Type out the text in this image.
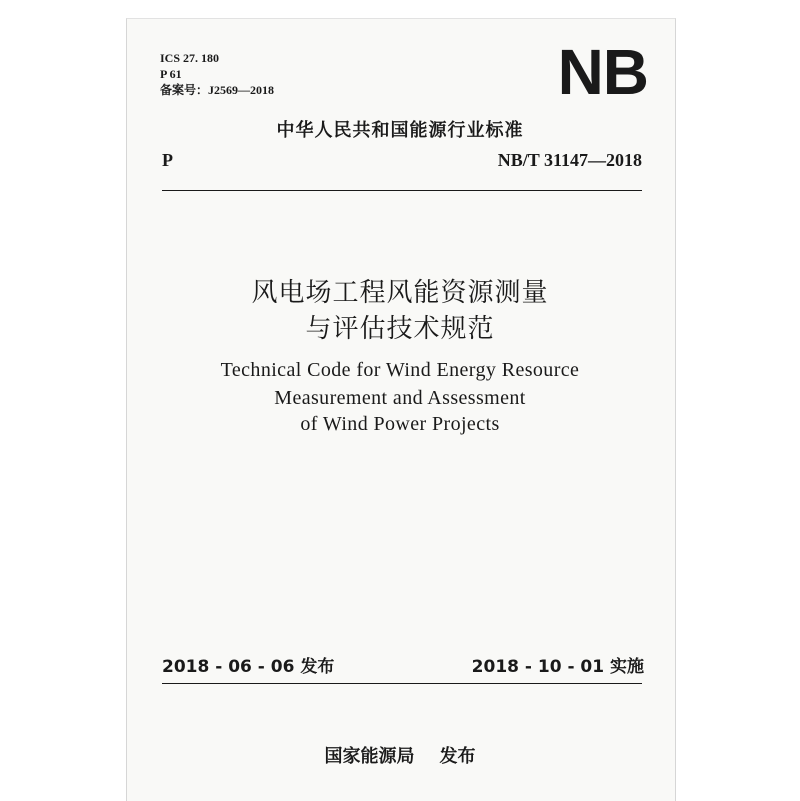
ICS 27. 180
P 61
备案号：J2569—2018	NB
中华人民共和国能源行业标准
P	NB/T 31147—2018
风电场工程风能资源测量
与评估技术规范
Technical Code for Wind Energy Resource
Measurement and Assessment
of Wind Power Projects
2018 - 06 - 06 发布	2018 - 10 - 01 实施
国家能源局    发布
